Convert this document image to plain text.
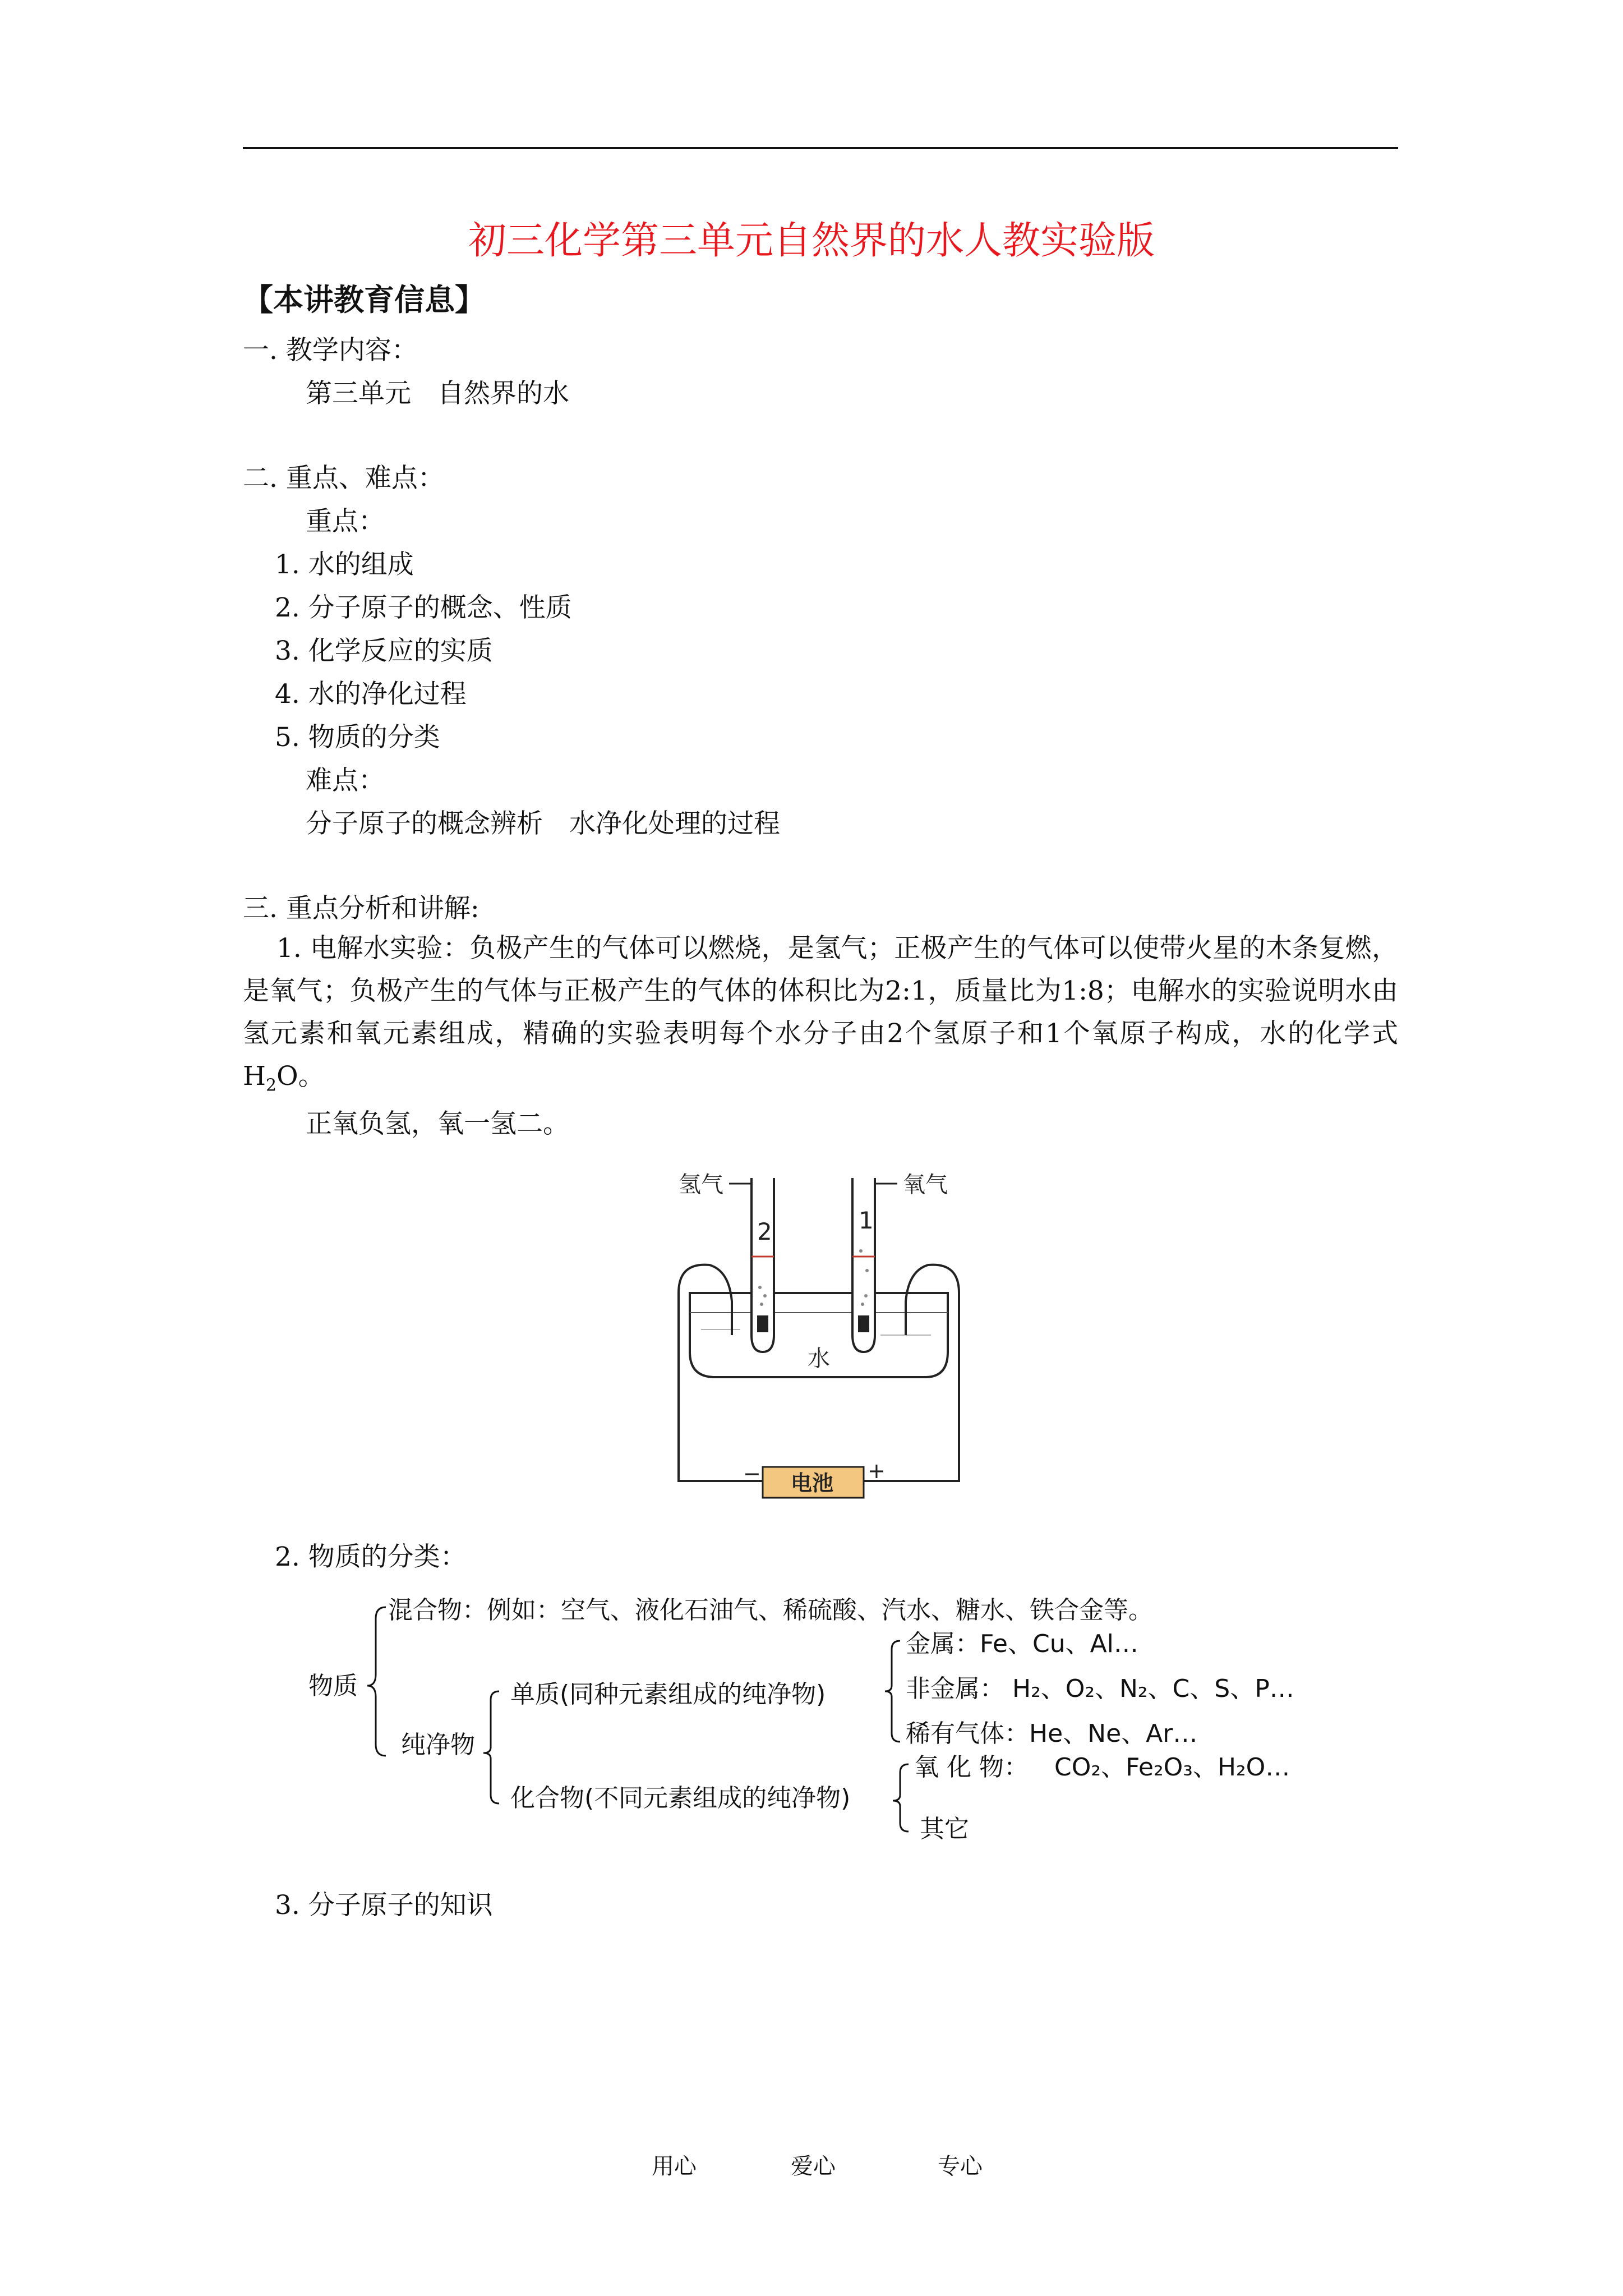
初三化学第三单元自然界的水人教实验版
【本讲教育信息】
一. 教学内容：
第三单元　自然界的水
二. 重点、难点：
重点：
1. 水的组成
2. 分子原子的概念、性质
3. 化学反应的实质
4. 水的净化过程
5. 物质的分类
难点：
分子原子的概念辨析　水净化处理的过程
三. 重点分析和讲解:
1. 电解水实验：负极产生的气体可以燃烧，是氢气；正极产生的气体可以使带火星的木条复燃，是氧气；负极产生的气体与正极产生的气体的体积比为2:1，质量比为1:8；电解水的实验说明水由氢元素和氧元素组成，精确的实验表明每个水分子由2个氢原子和1个氧原子构成，水的化学式$H_2O$。
正氧负氢，氧一氢二。
2	1
氢气	氧气
水
电池
−	+
2. 物质的分类：
物质
混合物：例如：空气、液化石油气、稀硫酸、汽水、糖水、铁合金等。
纯净物
单质(同种元素组成的纯净物)
化合物(不同元素组成的纯净物)
金属：Fe、Cu、Al…
非金属： H₂、O₂、N₂、C、S、P…
稀有气体：He、Ne、Ar…
氧 化 物： CO₂、Fe₂O₃、H₂O…
其它
3. 分子原子的知识
用心	爱心	专心
